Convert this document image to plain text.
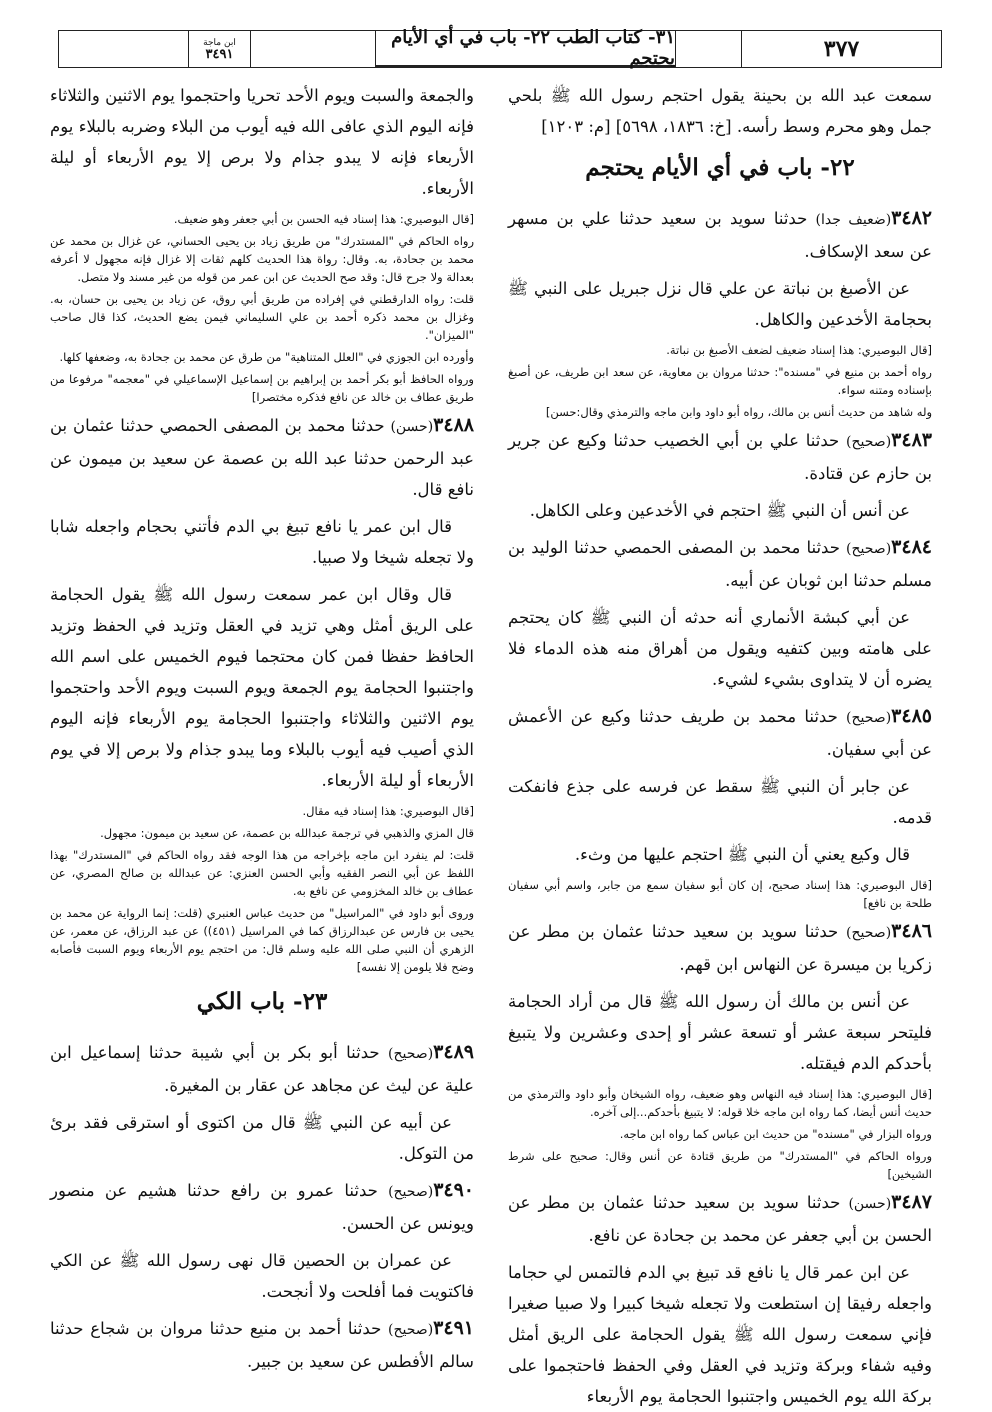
٣٧٧
٣١- كتاب الطب ٢٢- باب في أي الأيام يحتجم
ابن ماجة
٣٤٩١

سمعت عبد الله بن بحينة يقول احتجم رسول الله ﷺ بلحي جمل وهو محرم وسط رأسه. [خ: ١٨٣٦، ٥٦٩٨] [م: ١٢٠٣]

٢٢- باب في أي الأيام يحتجم

٣٤٨٢(ضعيف جدا) حدثنا سويد بن سعيد حدثنا علي بن مسهر عن سعد الإسكاف.

عن الأصبغ بن نباتة عن علي قال نزل جبريل على النبي ﷺ بحجامة الأخدعين والكاهل.

[قال البوصيري: هذا إسناد ضعيف لضعف الأصبغ بن نباتة.

رواه أحمد بن منيع في "مسنده": حدثنا مروان بن معاوية، عن سعد ابن طريف، عن أصبغ بإسناده ومتنه سواء.

وله شاهد من حديث أنس بن مالك، رواه أبو داود وابن ماجه والترمذي وقال:حسن]

٣٤٨٣(صحيح) حدثنا علي بن أبي الخصيب حدثنا وكيع عن جرير بن حازم عن قتادة.

عن أنس أن النبي ﷺ احتجم في الأخدعين وعلى الكاهل.

٣٤٨٤(صحيح) حدثنا محمد بن المصفى الحمصي حدثنا الوليد بن مسلم حدثنا ابن ثوبان عن أبيه.

عن أبي كبشة الأنماري أنه حدثه أن النبي ﷺ كان يحتجم على هامته وبين كتفيه ويقول من أهراق منه هذه الدماء فلا يضره أن لا يتداوى بشيء لشيء.

٣٤٨٥(صحيح) حدثنا محمد بن طريف حدثنا وكيع عن الأعمش عن أبي سفيان.

عن جابر أن النبي ﷺ سقط عن فرسه على جذع فانفكت قدمه.

قال وكيع يعني أن النبي ﷺ احتجم عليها من وثء.

[قال البوصيري: هذا إسناد صحيح، إن كان أبو سفيان سمع من جابر، واسم أبي سفيان طلحة بن نافع]

٣٤٨٦(صحيح) حدثنا سويد بن سعيد حدثنا عثمان بن مطر عن زكريا بن ميسرة عن النهاس ابن قهم.

عن أنس بن مالك أن رسول الله ﷺ قال من أراد الحجامة فليتحر سبعة عشر أو تسعة عشر أو إحدى وعشرين ولا يتبيغ بأحدكم الدم فيقتله.

[قال البوصيري: هذا إسناد فيه النهاس وهو ضعيف، رواه الشيخان وأبو داود والترمذي من حديث أنس أيضا، كما رواه ابن ماجه خلا قوله: لا يتبيغ بأحدكم...إلى آخره.

ورواه البزار في "مسنده" من حديث ابن عباس كما رواه ابن ماجه.

ورواه الحاكم في "المستدرك" من طريق قتادة عن أنس وقال: صحيح على شرط الشيخين]

٣٤٨٧(حسن) حدثنا سويد بن سعيد حدثنا عثمان بن مطر عن الحسن بن أبي جعفر عن محمد بن جحادة عن نافع.

عن ابن عمر قال يا نافع قد تبيغ بي الدم فالتمس لي حجاما واجعله رفيقا إن استطعت ولا تجعله شيخا كبيرا ولا صبيا صغيرا فإني سمعت رسول الله ﷺ يقول الحجامة على الريق أمثل وفيه شفاء وبركة وتزيد في العقل وفي الحفظ فاحتجموا على بركة الله يوم الخميس واجتنبوا الحجامة يوم الأربعاء

والجمعة والسبت ويوم الأحد تحريا واحتجموا يوم الاثنين والثلاثاء فإنه اليوم الذي عافى الله فيه أيوب من البلاء وضربه بالبلاء يوم الأربعاء فإنه لا يبدو جذام ولا برص إلا يوم الأربعاء أو ليلة الأربعاء.

[قال البوصيري: هذا إسناد فيه الحسن بن أبي جعفر وهو ضعيف.

رواه الحاكم في "المستدرك" من طريق زياد بن يحيى الحساني، عن غزال بن محمد عن محمد بن جحادة، به. وقال: رواة هذا الحديث كلهم ثقات إلا غزال فإنه مجهول لا أعرفه بعدالة ولا جرح قال: وقد صح الحديث عن ابن عمر من قوله من غير مسند ولا متصل.

قلت: رواه الدارقطني في إفراده من طريق أبي روق، عن زياد بن يحيى بن حسان، به. وغزال بن محمد ذكره أحمد بن علي السليماني فيمن يضع الحديث، كذا قال صاحب "الميزان".

وأورده ابن الجوزي في "العلل المتناهية" من طرق عن محمد بن جحادة به، وضعفها كلها.

ورواه الحافظ أبو بكر أحمد بن إبراهيم بن إسماعيل الإسماعيلي في "معجمه" مرفوعا من طريق عطاف بن خالد عن نافع فذكره مختصرا]

٣٤٨٨(حسن) حدثنا محمد بن المصفى الحمصي حدثنا عثمان بن عبد الرحمن حدثنا عبد الله بن عصمة عن سعيد بن ميمون عن نافع قال.

قال ابن عمر يا نافع تبيغ بي الدم فأتني بحجام واجعله شابا ولا تجعله شيخا ولا صبيا.

قال وقال ابن عمر سمعت رسول الله ﷺ يقول الحجامة على الريق أمثل وهي تزيد في العقل وتزيد في الحفظ وتزيد الحافظ حفظا فمن كان محتجما فيوم الخميس على اسم الله واجتنبوا الحجامة يوم الجمعة ويوم السبت ويوم الأحد واحتجموا يوم الاثنين والثلاثاء واجتنبوا الحجامة يوم الأربعاء فإنه اليوم الذي أصيب فيه أيوب بالبلاء وما يبدو جذام ولا برص إلا في يوم الأربعاء أو ليلة الأربعاء.

[قال البوصيري: هذا إسناد فيه مقال.

قال المزي والذهبي في ترجمة عبدالله بن عصمة، عن سعيد بن ميمون: مجهول.

قلت: لم ينفرد ابن ماجه بإخراجه من هذا الوجه فقد رواه الحاكم في "المستدرك" بهذا اللفظ عن أبي النصر الفقيه وأبي الحسن العنزي: عن عبدالله بن صالح المصري، عن عطاف بن خالد المخزومي عن نافع به.

وروى أبو داود في "المراسيل" من حديث عباس العنبري (قلت: إنما الرواية عن محمد بن يحيى بن فارس عن عبدالرزاق كما في المراسيل (٤٥١)) عن عبد الرزاق، عن معمر، عن الزهري أن النبي صلى الله عليه وسلم قال: من احتجم يوم الأربعاء ويوم السبت فأصابه وضح فلا يلومن إلا نفسه]

٢٣- باب الكي

٣٤٨٩(صحيح) حدثنا أبو بكر بن أبي شيبة حدثنا إسماعيل ابن علية عن ليث عن مجاهد عن عقار بن المغيرة.

عن أبيه عن النبي ﷺ قال من اكتوى أو استرقى فقد برئ من التوكل.

٣٤٩٠(صحيح) حدثنا عمرو بن رافع حدثنا هشيم عن منصور ويونس عن الحسن.

عن عمران بن الحصين قال نهى رسول الله ﷺ عن الكي فاكتويت فما أفلحت ولا أنجحت.

٣٤٩١(صحيح) حدثنا أحمد بن منيع حدثنا مروان بن شجاع حدثنا سالم الأفطس عن سعيد بن جبير.
